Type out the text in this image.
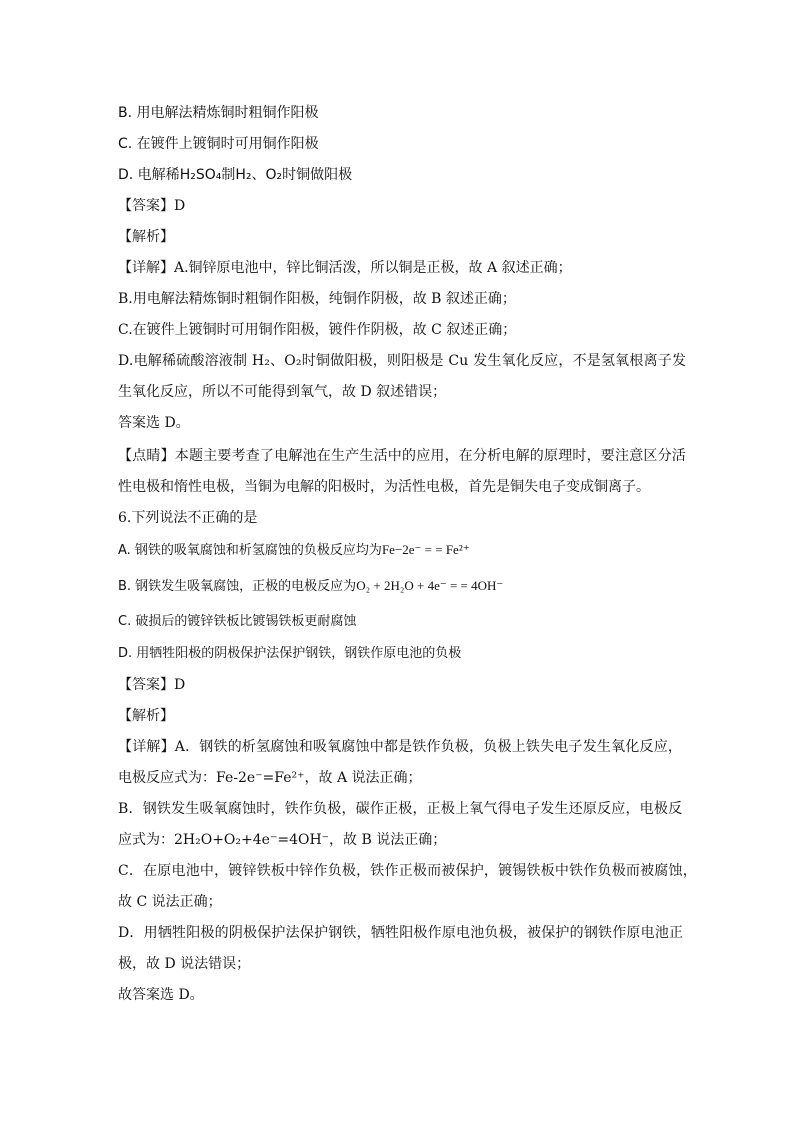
B. 用电解法精炼铜时粗铜作阳极
C. 在镀件上镀铜时可用铜作阳极
D. 电解稀H₂SO₄制H₂、O₂时铜做阳极
【答案】D
【解析】
【详解】A.铜锌原电池中，锌比铜活泼，所以铜是正极，故 A 叙述正确；
B.用电解法精炼铜时粗铜作阳极，纯铜作阴极，故 B 叙述正确；
C.在镀件上镀铜时可用铜作阳极，镀件作阴极，故 C 叙述正确；
D.电解稀硫酸溶液制 H₂、O₂时铜做阳极，则阳极是 Cu 发生氧化反应，不是氢氧根离子发
生氧化反应，所以不可能得到氧气，故 D 叙述错误；
答案选 D。
【点睛】本题主要考查了电解池在生产生活中的应用，在分析电解的原理时，要注意区分活
性电极和惰性电极，当铜为电解的阳极时，为活性电极，首先是铜失电子变成铜离子。
6.下列说法不正确的是
A. 钢铁的吸氧腐蚀和析氢腐蚀的负极反应均为Fe−2e⁻ = = Fe²⁺
B. 钢铁发生吸氧腐蚀，正极的电极反应为O₂ + 2H₂O + 4e⁻ = = 4OH⁻
C. 破损后的镀锌铁板比镀锡铁板更耐腐蚀
D. 用牺牲阳极的阴极保护法保护钢铁，钢铁作原电池的负极
【答案】D
【解析】
【详解】A．钢铁的析氢腐蚀和吸氧腐蚀中都是铁作负极，负极上铁失电子发生氧化反应，
电极反应式为：Fe-2e⁻=Fe²⁺，故 A 说法正确；
B．钢铁发生吸氧腐蚀时，铁作负极，碳作正极，正极上氧气得电子发生还原反应，电极反
应式为：2H₂O+O₂+4e⁻=4OH⁻，故 B 说法正确；
C．在原电池中，镀锌铁板中锌作负极，铁作正极而被保护，镀锡铁板中铁作负极而被腐蚀，
故 C 说法正确；
D．用牺牲阳极的阴极保护法保护钢铁，牺牲阳极作原电池负极，被保护的钢铁作原电池正
极，故 D 说法错误；
故答案选 D。
